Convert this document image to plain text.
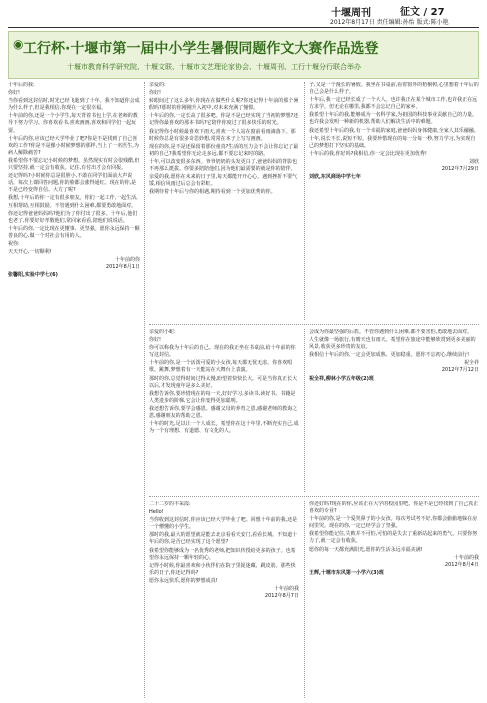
十堰周刊	征文 / 27
2012年8月17日 责任编辑:孙怡 版式:陈小艳
◉ 工行杯·十堰市第一届中小学生暑假同题作文大赛作品选登
十堰市教育科学研究院、十堰文联、十堰市文艺理论家协会、十堰周刊、工行十堰分行联合举办

十年后的我:

你好!

当你看到这封信时,时光已经飞逝到了十年。我不知道你会成为什么样子,但是我相信,你现在一定很幸福。

十年前的你,还是一个小学生,每天背着书包上学,在老师的教导下努力学习。你喜欢看书,喜欢画画,喜欢和同学们一起玩耍。

十年后的你,应该已经大学毕业了吧?你是不是找到了自己喜欢的工作?你是不是像小时候梦想的那样,当上了一名医生,为病人解除痛苦?

我希望你不要忘记小时候的梦想。虽然现实有时会很残酷,但只要坚持,就一定会有收获。记住,有付出才会有回报。

还记得吗?小时候你总是很胆小,不敢在同学们面前大声说话。每次上课回答问题,你的脸都会涨得通红。现在的你,是不是已经变得自信、大方了呢?

我想,十年后的你一定有很多朋友。你们一起工作,一起生活,互相帮助,互相鼓励。不管遇到什么困难,都要勇敢地面对。

你还记得爸爸妈妈吗?他们为了你付出了很多。十年后,他们也老了,你要好好孝敬他们,常回家看看,陪他们说说话。

十年后的你,一定比现在更懂事、更坚强。愿你永远保持一颗善良的心,做一个对社会有用的人。

祝你:

天天开心,一切顺利!

十年前的你
2012年8月1日

张馨阳,实验中学七(6)

亲爱的:

你好!

转眼间过了这么多年,你现在在做些什么呢?你还记得十年前的那个暑假吗?那时的你刚刚升入初中,对未来充满了憧憬。

十年后的你,一定长高了很多吧。你是不是已经实现了当初的梦想?还记得你最喜欢的那本书吗?它陪伴你度过了很多快乐的时光。

我记得你小时候最喜欢下雨天,喜欢一个人站在窗前看雨滴落下。那时候你总是有很多奇思妙想,常常在本子上写写画画。

现在的你,是不是还保留着那份童真?生活的压力会不会让你忘记了最初的自己?我希望你无论走多远,都不要忘记来时的路。

十年,可以改变很多东西。爷爷奶奶的头发更白了,爸爸妈妈的背影也不再那么挺拔。你要多陪陪他们,因为他们最需要的就是你的陪伴。

亲爱的我,愿你在未来的日子里,每天都能开开心心。遇到挫折不要气馁,相信风雨过后总会有彩虹。

我期待着十年后与你的相遇,期待看到一个更加优秀的你。

子,又是一个漫长的暑假。我坐在书桌前,看着窗外的梧桐树,心里想着十年后的自己会是什么样子。

十年后,我一定已经长成了一个大人。也许我正在某个城市工作,也许我正在远方求学。但无论在哪里,我都不会忘记自己的家乡。

我希望十年后的我,能够成为一名科学家,为祖国的科技事业贡献自己的力量。也许我会发明一种新的机器,帮助人们解决生活中的难题。

我还希望十年后的我,有一个幸福的家庭,爸爸妈妈身体健康,全家人其乐融融。

十年,说长不长,说短不短。我要珍惜现在的每一分每一秒,努力学习,为实现自己的梦想打下坚实的基础。

十年后的我,你好吗?我相信,你一定会比现在更加优秀!

刘欣
2012年7月29日

刘欣,东风商场中学七年

亲爱的小蛇:

你好!

你可以称我为十年后的自己。现在的我正坐在书桌前,给十年前的你写这封信。

十年前的你,是一个活泼可爱的小女孩,每天都无忧无虑。你喜欢唱歌、跳舞,梦想着有一天能站在大舞台上表演。

那时的你,总觉得时间过得太慢,盼望着快快长大。可是当你真正长大以后,才发现童年是多么美好。

我想告诉你,要珍惜现在的每一天,好好学习,多读书,读好书。书籍是人类进步的阶梯,它会让你变得更加聪明。

我还想告诉你,要学会感恩。感谢父母的养育之恩,感谢老师的教诲之恩,感谢朋友的帮助之恩。

十年的时光,足以让一个人成长。希望你在这十年里,不断充实自己,成为一个有理想、有道德、有文化的人。

会成为你最坚强的后盾。不管你遇到什么困难,都不要害怕,勇敢地去面对。

人生就像一场旅行,有晴天也有雨天。希望你在旅途中能够欣赏到更多美丽的风景,收获更多珍贵的友谊。

我相信十年后的你,一定会更加成熟、更加稳重。愿你不忘初心,继续前行!

祝全祥
2012年7月12日

祝全祥,柳林小学五年级(2)班

二十二岁的丰采霞:

Hello!

当你收到这封信时,你应该已经大学毕业了吧。回想十年前的我,还是一个懵懂的小学生。

那时的我,最大的愿望就是能去北京看看天安门,看看长城。不知道十年后的你,是否已经实现了这个愿望?

我希望你能够成为一名优秀的老师,把知识传授给更多的孩子。也希望你永远保持一颗年轻的心。

记得小时候,你最喜欢和小伙伴们在院子里捉迷藏、跳皮筋。那些快乐的日子,你还记得吗?

愿你永远快乐,愿你的梦想成真!

十年前的我
2012年8月7日

你还好吗?现在的你,应该正在大学的校园里吧。你是不是已经找到了自己真正喜欢的专业?

十年前的你,是一个爱哭鼻子的小女孩。每次考试考不好,你都会偷偷地躲在房间里哭。现在的你,一定已经学会了坚强。

我希望你能记住,失败并不可怕,可怕的是失去了重新站起来的勇气。只要你努力了,就一定会有收获。

愿你的每一天都充满阳光,愿你的生活永远幸福美满!

十年前的我
2012年8月4日

王辉,十堰市东风第一小学六(3)班
